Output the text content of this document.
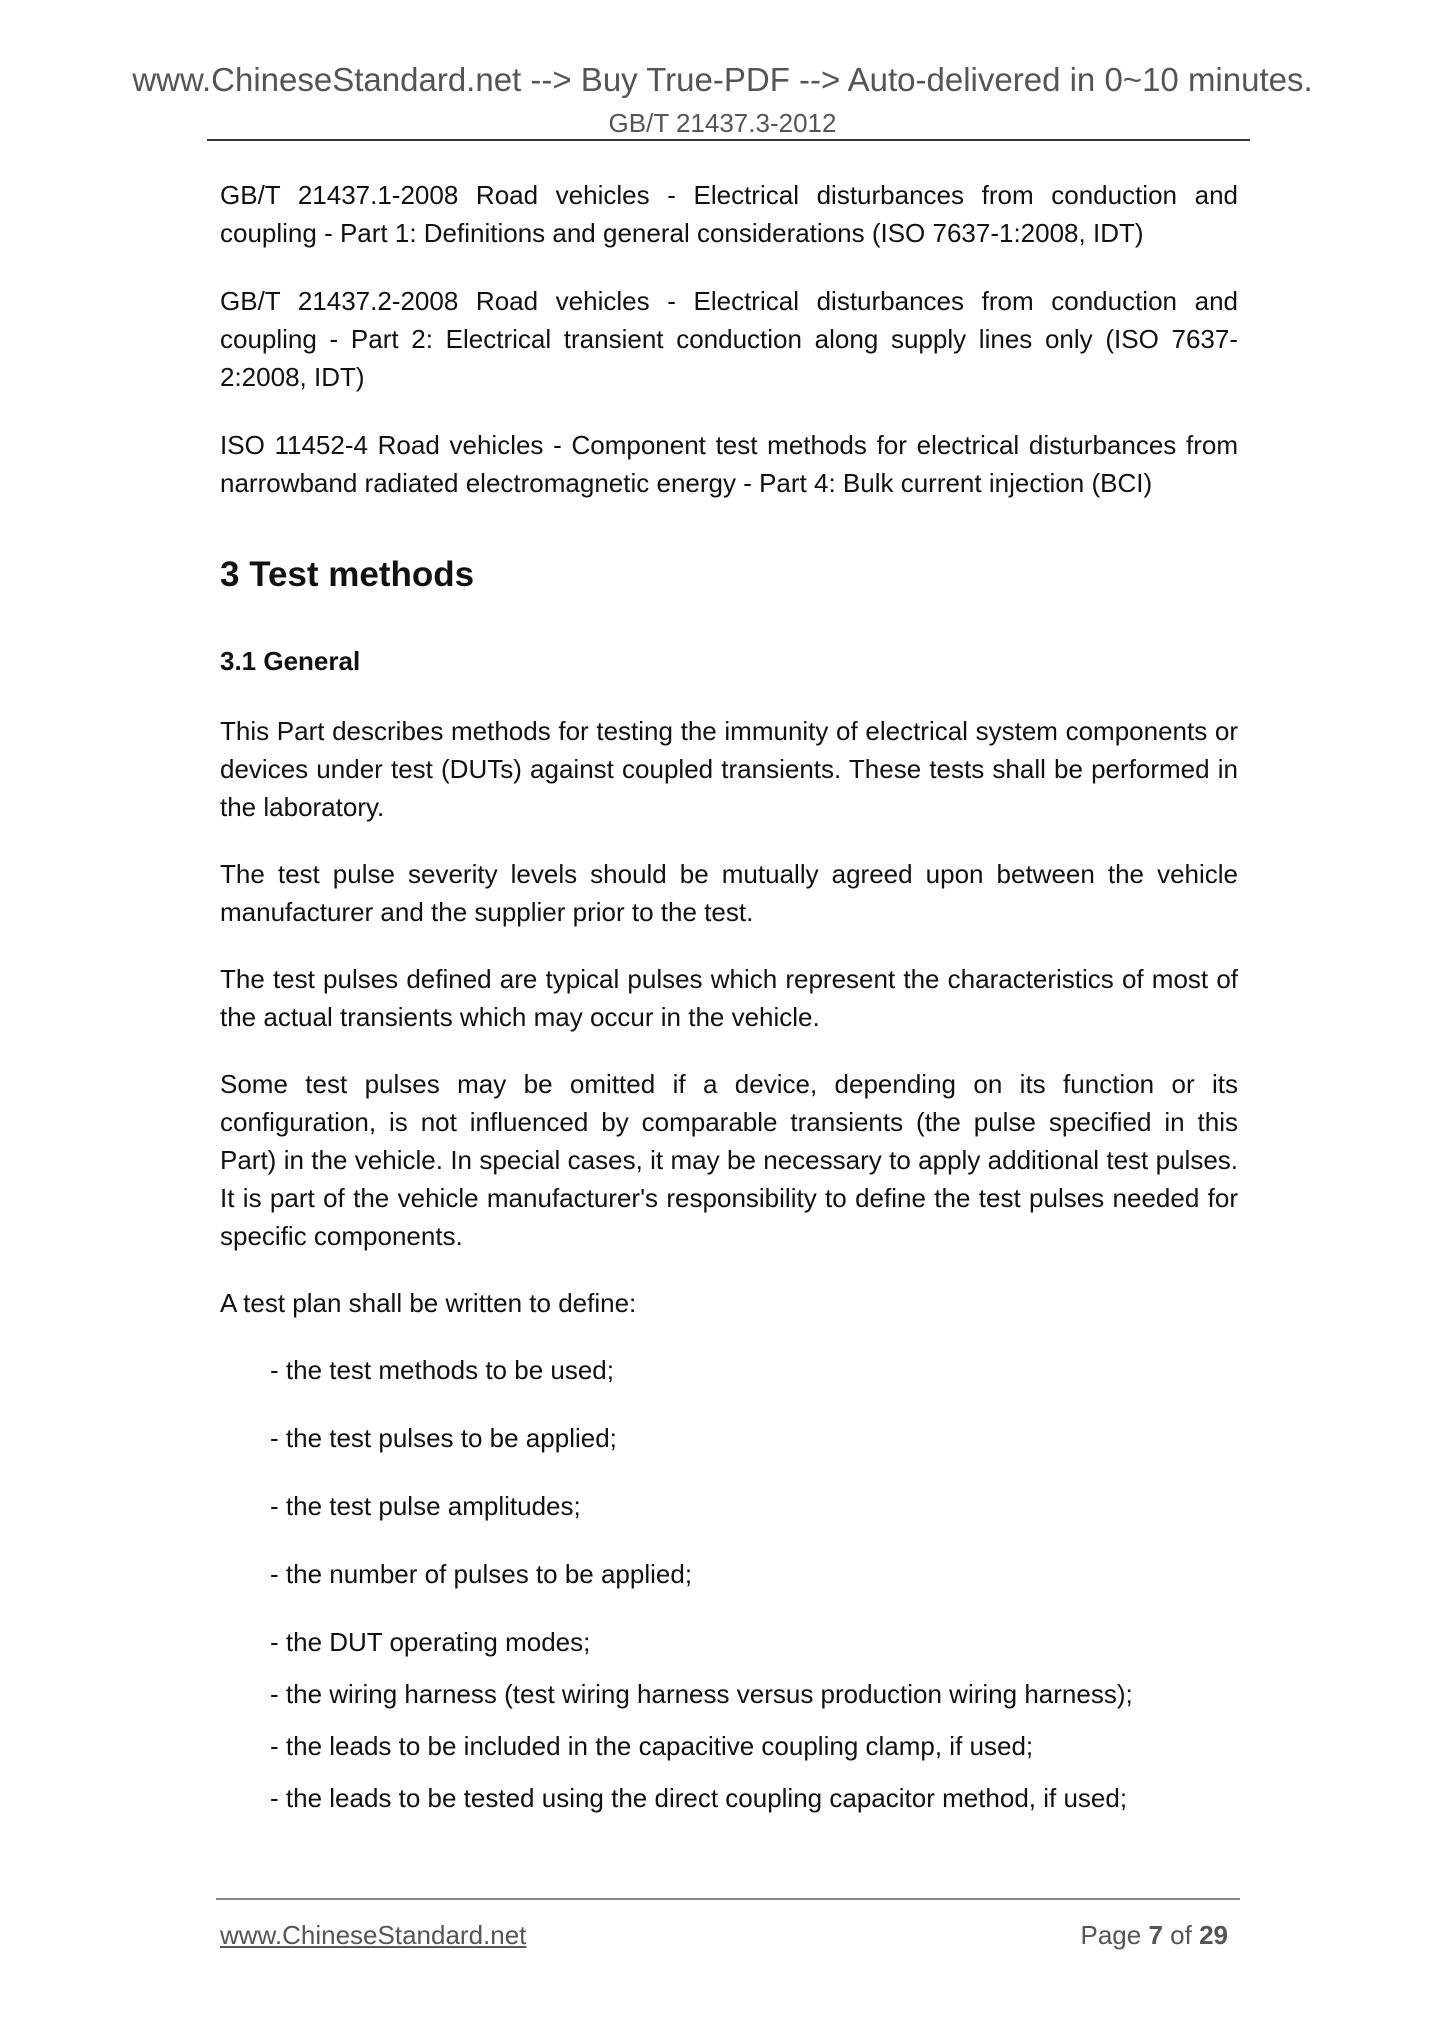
www.ChineseStandard.net --> Buy True-PDF --> Auto-delivered in 0~10 minutes.
GB/T 21437.3-2012

GB/T 21437.1-2008 Road vehicles - Electrical disturbances from conduction and coupling - Part 1: Definitions and general considerations (ISO 7637-1:2008, IDT)

GB/T 21437.2-2008 Road vehicles - Electrical disturbances from conduction and coupling - Part 2: Electrical transient conduction along supply lines only (ISO 7637-2:2008, IDT)

ISO 11452-4 Road vehicles - Component test methods for electrical disturbances from narrowband radiated electromagnetic energy - Part 4: Bulk current injection (BCI)

3 Test methods
3.1 General

This Part describes methods for testing the immunity of electrical system components or devices under test (DUTs) against coupled transients. These tests shall be performed in the laboratory.

The test pulse severity levels should be mutually agreed upon between the vehicle manufacturer and the supplier prior to the test.

The test pulses defined are typical pulses which represent the characteristics of most of the actual transients which may occur in the vehicle.

Some test pulses may be omitted if a device, depending on its function or its configuration, is not influenced by comparable transients (the pulse specified in this Part) in the vehicle. In special cases, it may be necessary to apply additional test pulses. It is part of the vehicle manufacturer's responsibility to define the test pulses needed for specific components.

A test plan shall be written to define:

- the test methods to be used;
- the test pulses to be applied;
- the test pulse amplitudes;
- the number of pulses to be applied;
- the DUT operating modes;
- the wiring harness (test wiring harness versus production wiring harness);
- the leads to be included in the capacitive coupling clamp, if used;
- the leads to be tested using the direct coupling capacitor method, if used;
www.ChineseStandard.net	Page 7 of 29
